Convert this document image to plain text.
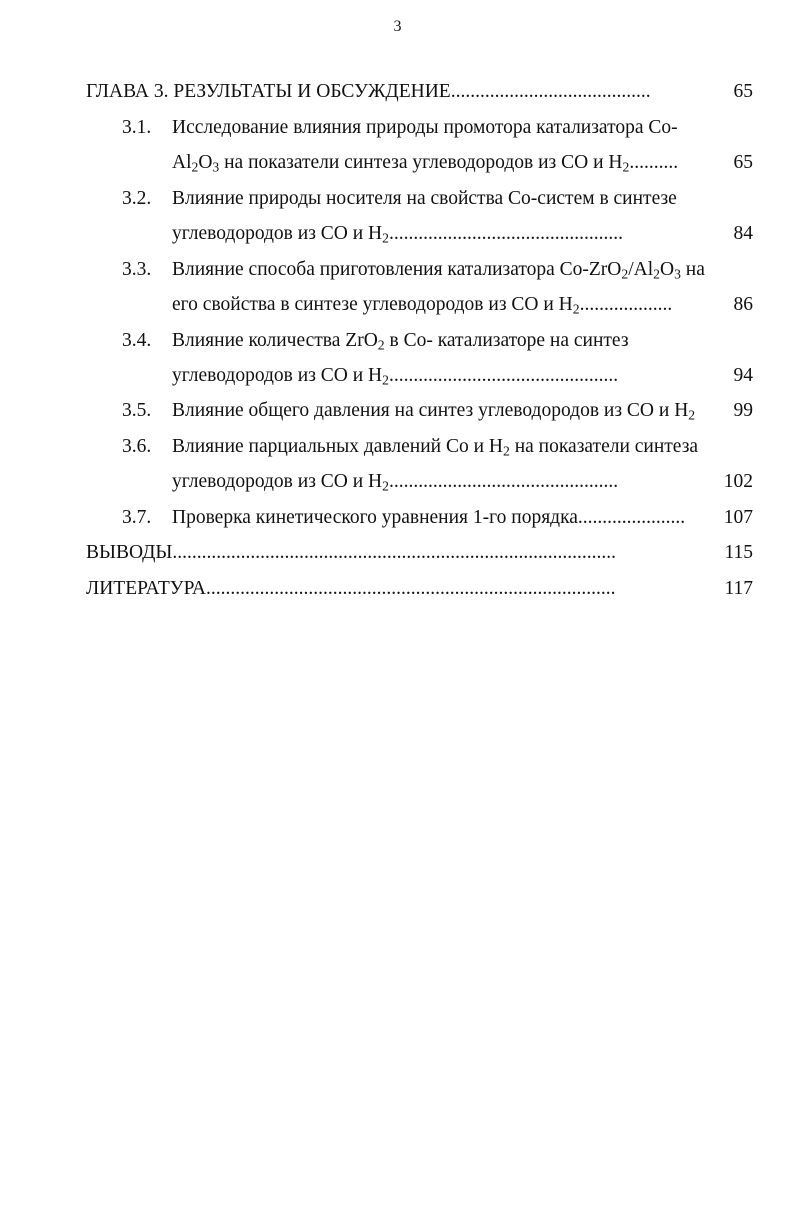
3
ГЛАВА 3. РЕЗУЛЬТАТЫ И ОБСУЖДЕНИЕ.........................................	65
3.1. Исследование влияния природы промотора катализатора Co-
$Al_2O_3$ на показатели синтеза углеводородов из CO и $H_2$..........	65
3.2. Влияние природы носителя на свойства Co-систем в синтезе
углеводородов из CO и $H_2$................................................	84
3.3. Влияние способа приготовления катализатора $Co-ZrO_2/Al_2O_3$ на
его свойства в синтезе углеводородов из CO и $H_2$...................	86
3.4. Влияние количества ZrO$_2$ в Co- катализаторе на синтез
углеводородов из CO и $H_2$...............................................	94
3.5. Влияние общего давления на синтез углеводородов из CO и $H_2$ 99
3.6. Влияние парциальных давлений Co и $H_2$ на показатели синтеза
углеводородов из CO и $H_2$...............................................	102
3.7. Проверка кинетического уравнения 1-го порядка...................... 107
ВЫВОДЫ...........................................................................................	115
ЛИТЕРАТУРА....................................................................................	117
